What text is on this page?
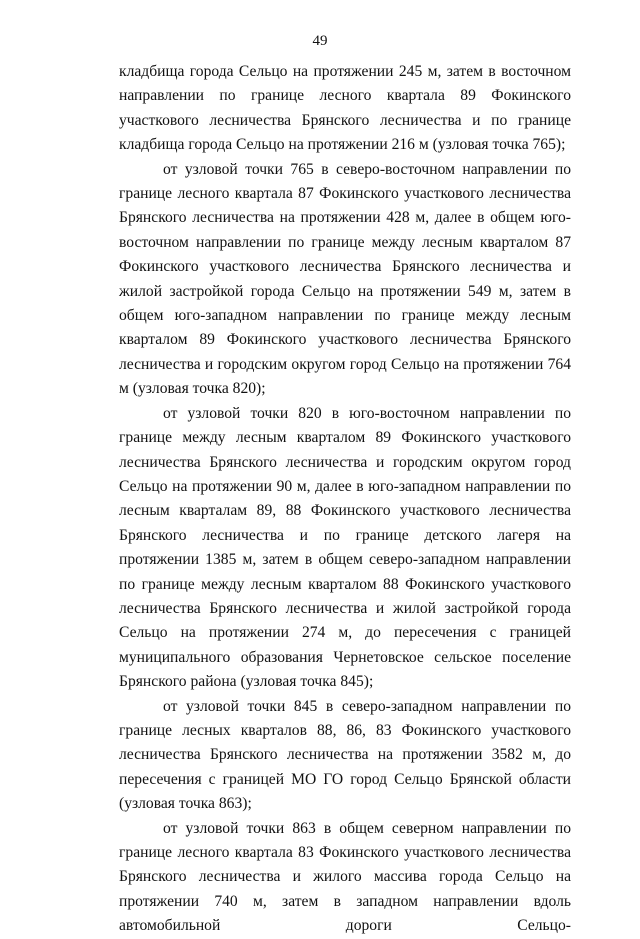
49

кладбища города Сельцо на протяжении 245 м, затем в восточном направлении по границе лесного квартала 89 Фокинского участкового лесничества Брянского лесничества и по границе кладбища города Сельцо на протяжении 216 м (узловая точка 765);

от узловой точки 765 в северо-восточном направлении по границе лесного квартала 87 Фокинского участкового лесничества Брянского лесничества на протяжении 428 м, далее в общем юго-восточном направлении по границе между лесным кварталом 87 Фокинского участкового лесничества Брянского лесничества и жилой застройкой города Сельцо на протяжении 549 м, затем в общем юго-западном направлении по границе между лесным кварталом 89 Фокинского участкового лесничества Брянского лесничества и городским округом город Сельцо на протяжении 764 м (узловая точка 820);

от узловой точки 820 в юго-восточном направлении по границе между лесным кварталом 89 Фокинского участкового лесничества Брянского лесничества и городским округом город Сельцо на протяжении 90 м, далее в юго-западном направлении по лесным кварталам 89, 88 Фокинского участкового лесничества Брянского лесничества и по границе детского лагеря на протяжении 1385 м, затем в общем северо-западном направлении по границе между лесным кварталом 88 Фокинского участкового лесничества Брянского лесничества и жилой застройкой города Сельцо на протяжении 274 м, до пересечения с границей муниципального образования Чернетовское сельское поселение Брянского района (узловая точка 845);

от узловой точки 845 в северо-западном направлении по границе лесных кварталов 88, 86, 83 Фокинского участкового лесничества Брянского лесничества на протяжении 3582 м, до пересечения с границей МО ГО город Сельцо Брянской области (узловая точка 863);

от узловой точки 863 в общем северном направлении по границе лесного квартала 83 Фокинского участкового лесничества Брянского лесничества и жилого массива города Сельцо на протяжении 740 м, затем в западном направлении вдоль автомобильной дороги Сельцо-
